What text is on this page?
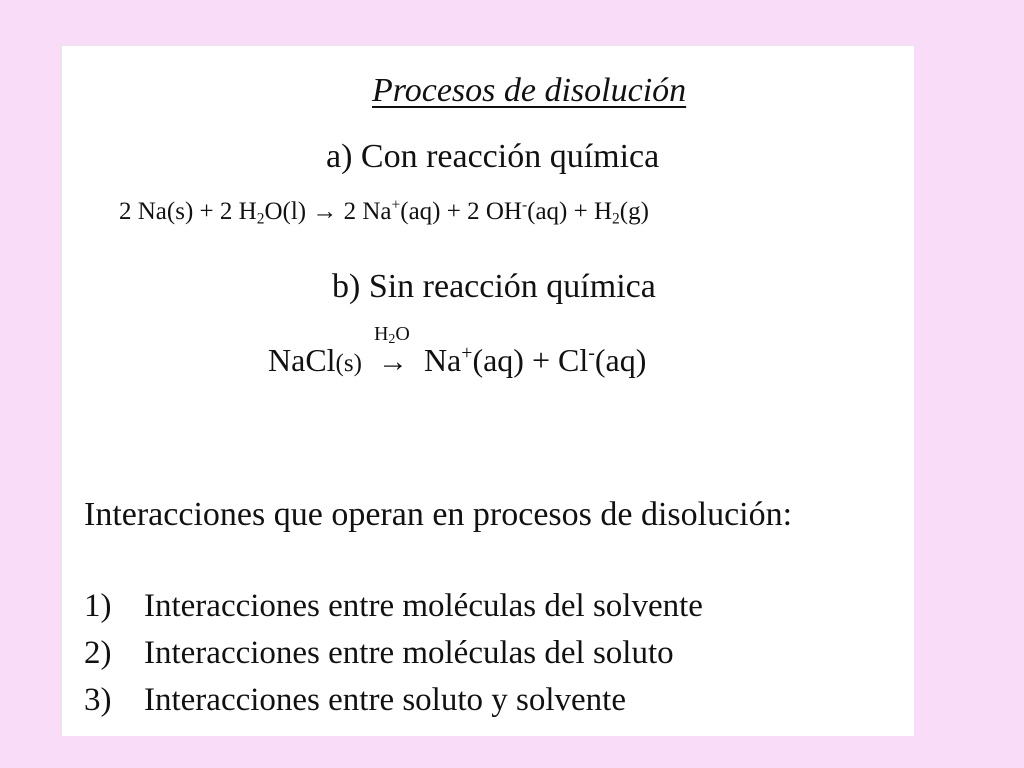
Procesos de disolución
a) Con reacción química
2 Na(s) + 2 $H_2O(l) \to 2$ Na+(aq) + 2 $OH^-(aq) + H_2(g)$
b) Sin reacción química
NaCl(s)
$H_2O$
→ Na+(aq) + Cl-(aq)
Interacciones que operan en procesos de disolución:
1) Interacciones entre moléculas del solvente
2) Interacciones entre moléculas del soluto
3) Interacciones entre soluto y solvente
